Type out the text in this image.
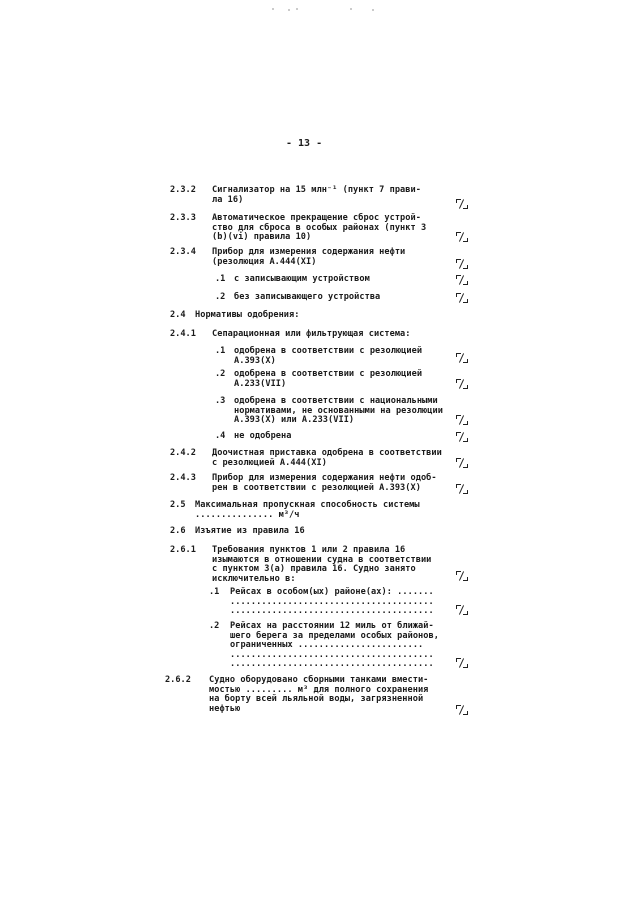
- 13 -

2.3.2 Сигнализатор на 15 млн⁻¹ (пункт 7 прави-
ла 16)

2.3.3 Автоматическое прекращение сброс устрой-
ство для сброса в особых районах (пункт 3
(b)(vi) правила 10)

2.3.4 Прибор для измерения содержания нефти
(резолюция А.444(XI)

.1 с записывающим устройством

.2 без записывающего устройства

2.4 Нормативы одобрения:

2.4.1 Сепарационная или фильтрующая система:

.1 одобрена в соответствии с резолюцией
А.393(X)

.2 одобрена в соответствии с резолюцией
А.233(VII)

.3 одобрена в соответствии с национальными
нормативами, не основанными на резолюции
А.393(X) или А.233(VII)

.4 не одобрена

2.4.2 Доочистная приставка одобрена в соответствии
с резолюцией А.444(XI)

2.4.3 Прибор для измерения содержания нефти одоб-
рен в соответствии с резолюцией А.393(X)

2.5 Максимальная пропускная способность системы
............... м³/ч

2.6 Изъятие из правила 16

2.6.1 Требования пунктов 1 или 2 правила 16
изымаются в отношении судна в соответствии
с пунктом 3(а) правила 16. Судно занято
исключительно в:

.1 Рейсах в особом(ых) районе(ах): .......
.......................................
.......................................

.2 Рейсах на расстоянии 12 миль от ближай-
шего берега за пределами особых районов,
ограниченных ........................
.......................................
.......................................

2.6.2 Судно оборудовано сборными танками вмести-
мостью ......... м³ для полного сохранения
на борту всей льяльной воды, загрязненной
нефтью
